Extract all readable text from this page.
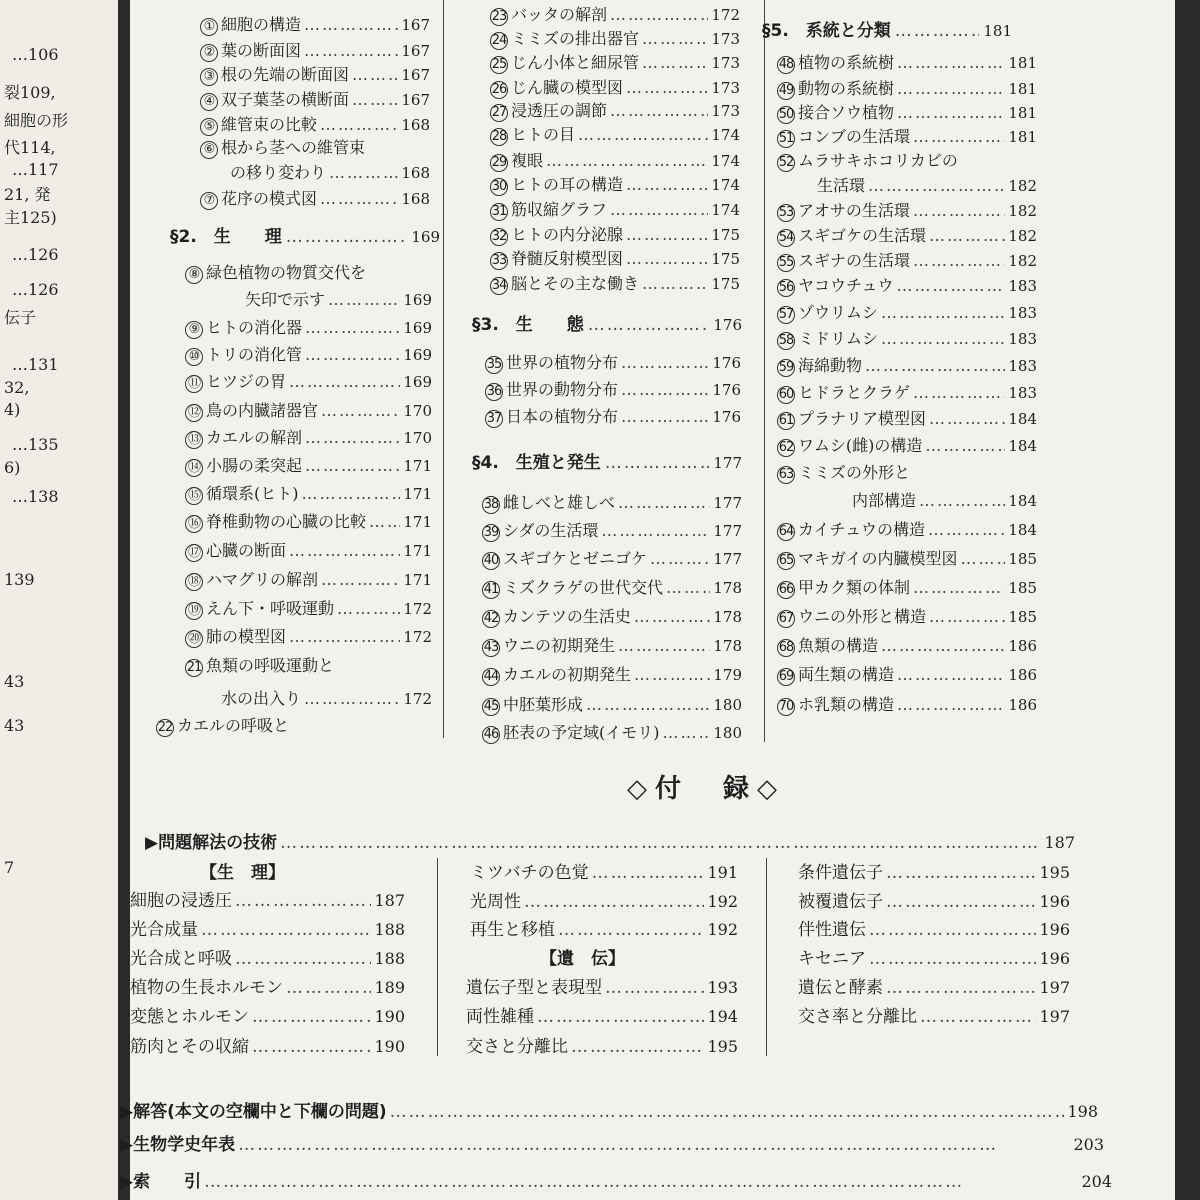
…106
裂109,
細胞の形
代114,
…117
21, 発
主125)
…126
…126
伝子
…131
32,
4)
…135
6)
…138
139
43
43
7
◇付　録◇
【生　理】
【遺　伝】
① 細胞の構造 ………………………………………………	167
② 葉の断面図 ………………………………………………	167
③ 根の先端の断面図 ………………………………………………	167
④ 双子葉茎の横断面 ………………………………………………	167
⑤ 維管束の比較 ………………………………………………	168
⑥ 根から茎への維管束
の移り変わり ………………………………………………	168
⑦ 花序の模式図 ………………………………………………	168
§2.　生　　理 ………………………………	169
⑧ 緑色植物の物質交代を
矢印で示す ………………………………………………	169
⑨ ヒトの消化器 ………………………………………………	169
⑩ トリの消化管 ………………………………………………	169
⑪ ヒツジの胃 ………………………………………………	169
⑫ 鳥の内臓諸器官 ………………………………………………	170
⑬ カエルの解剖 ………………………………………………	170
⑭ 小腸の柔突起 ………………………………………………	171
⑮ 循環系(ヒト) ………………………………………………	171
⑯ 脊椎動物の心臓の比較 ……………………………………………… 171
⑰ 心臓の断面 ………………………………………………	171
⑱ ハマグリの解剖 ………………………………………………	171
⑲ えん下・呼吸運動 ………………………………………………	172
⑳ 肺の模型図 ………………………………………………	172
21 魚類の呼吸運動と
水の出入り ………………………………………………	172
22 カエルの呼吸と
23 バッタの解剖 ………………………………………………	172
24 ミミズの排出器官 ………………………………………………	173
25 じん小体と細尿管 ………………………………………………	173
26 じん臓の模型図 ………………………………………………	173
27 浸透圧の調節 ………………………………………………	173
28 ヒトの目 ………………………………………………	174
29 複眼 ………………………………………………	174
30 ヒトの耳の構造 ………………………………………………	174
31 筋収縮グラフ ………………………………………………	174
32 ヒトの内分泌腺 ………………………………………………	175
33 脊髄反射模型図 ………………………………………………	175
34 脳とその主な働き ………………………………………………	175
§3.　生　　態 ………………………………	176
35 世界の植物分布 ………………………………………………	176
36 世界の動物分布 ………………………………………………	176
37 日本の植物分布 ………………………………………………	176
§4.　生殖と発生 ………………………………	177
38 雌しべと雄しべ ………………………………………………	177
39 シダの生活環 ………………………………………………	177
40 スギゴケとゼニゴケ ………………………………………………	177
41 ミズクラゲの世代交代 ………………………………………………	178
42 カンテツの生活史 ………………………………………………	178
43 ウニの初期発生 ………………………………………………	178
44 カエルの初期発生 ………………………………………………	179
45 中胚葉形成 ………………………………………………	180
46 胚表の予定域(イモリ) ………………………………………………	180
§5.　系統と分類 ………………………………	181
48 植物の系統樹 ………………………………………………	181
49 動物の系統樹 ………………………………………………	181
50 接合ソウ植物 ………………………………………………	181
51 コンブの生活環 ………………………………………………	181
52 ムラサキホコリカビの
生活環 ………………………………………………	182
53 アオサの生活環 ………………………………………………	182
54 スギゴケの生活環 ………………………………………………	182
55 スギナの生活環 ………………………………………………	182
56 ヤコウチュウ ………………………………………………	183
57 ゾウリムシ ………………………………………………	183
58 ミドリムシ ………………………………………………	183
59 海綿動物 ………………………………………………	183
60 ヒドラとクラゲ ………………………………………………	183
61 プラナリア模型図 ………………………………………………	184
62 ワムシ(雌)の構造 ………………………………………………	184
63 ミミズの外形と
内部構造 ………………………………………………	184
64 カイチュウの構造 ………………………………………………	184
65 マキガイの内臓模型図 ………………………………………………	185
66 甲カク類の体制 ………………………………………………	185
67 ウニの外形と構造 ………………………………………………	185
68 魚類の構造 ………………………………………………	186
69 両生類の構造 ………………………………………………	186
70 ホ乳類の構造 ………………………………………………	186
▶問題解法の技術 …………………………………………………………………………………………………………	187
細胞の浸透圧 …………………………………………………………………………………………………………	187
光合成量 …………………………………………………………………………………………………………	188
光合成と呼吸 …………………………………………………………………………………………………………	188
植物の生長ホルモン …………………………………………………………………………………………………………	189
変態とホルモン …………………………………………………………………………………………………………	190
筋肉とその収縮 …………………………………………………………………………………………………………	190
ミツバチの色覚 …………………………………………………………………………………………………………	191
光周性 …………………………………………………………………………………………………………	192
再生と移植 …………………………………………………………………………………………………………	192
遺伝子型と表現型 …………………………………………………………………………………………………………	193
両性雑種 …………………………………………………………………………………………………………	194
交さと分離比 …………………………………………………………………………………………………………	195
条件遺伝子 …………………………………………………………………………………………………………	195
被覆遺伝子 …………………………………………………………………………………………………………	196
伴性遺伝 …………………………………………………………………………………………………………	196
キセニア …………………………………………………………………………………………………………	196
遺伝と酵素 …………………………………………………………………………………………………………	197
交さ率と分離比 …………………………………………………………………………………………………………	197
▶解答(本文の空欄中と下欄の問題) …………………………………………………………………………………………………………	198
▶生物学史年表 …………………………………………………………………………………………………………	203
▶索　　引 …………………………………………………………………………………………………………	204
